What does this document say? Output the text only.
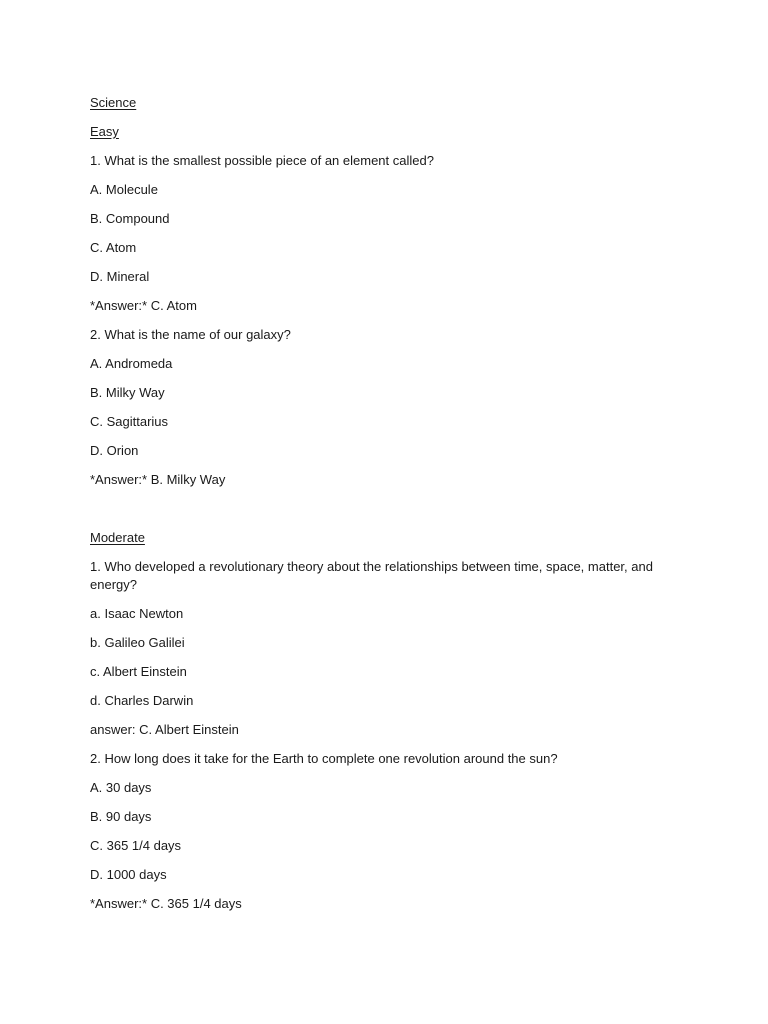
Science

Easy

1. What is the smallest possible piece of an element called?

A. Molecule

B. Compound

C. Atom

D. Mineral

*Answer:* C. Atom

2. What is the name of our galaxy?

A. Andromeda

B. Milky Way

C. Sagittarius

D. Orion

*Answer:* B. Milky Way

Moderate

1. Who developed a revolutionary theory about the relationships between time, space, matter, and energy?

a. Isaac Newton

b. Galileo Galilei

c. Albert Einstein

d. Charles Darwin

answer: C. Albert Einstein

2. How long does it take for the Earth to complete one revolution around the sun?

A. 30 days

B. 90 days

C. 365 1/4 days

D. 1000 days

*Answer:* C. 365 1/4 days
